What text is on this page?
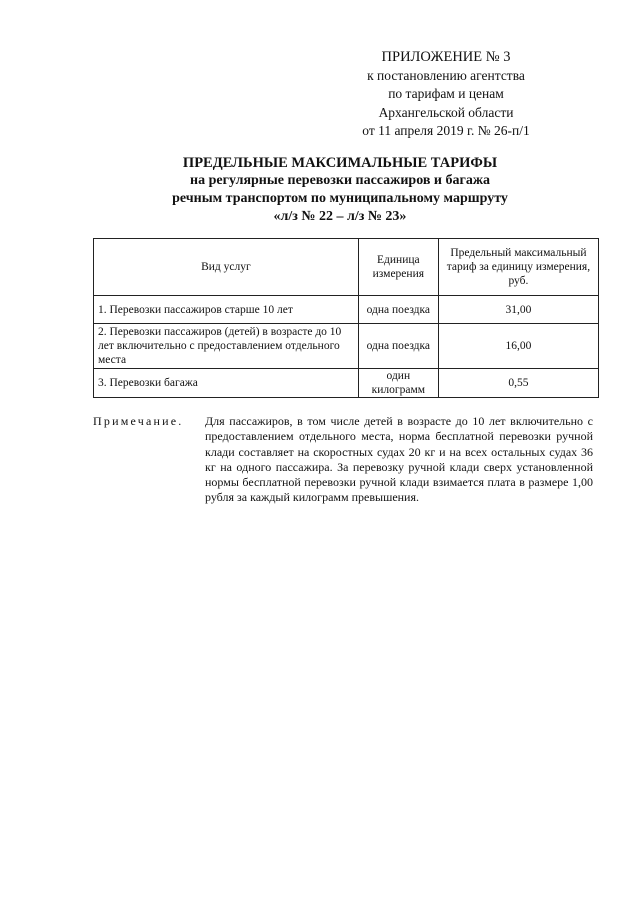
ПРИЛОЖЕНИЕ № 3
к постановлению агентства
по тарифам и ценам
Архангельской области
от 11 апреля 2019 г. № 26-п/1
ПРЕДЕЛЬНЫЕ МАКСИМАЛЬНЫЕ ТАРИФЫ
на регулярные перевозки пассажиров и багажа
речным транспортом по муниципальному маршруту
«л/з № 22 – л/з № 23»
Вид услуг	Единица измерения	Предельный максимальный тариф за единицу измерения, руб.
1. Перевозки пассажиров старше 10 лет	одна поездка	31,00
2. Перевозки пассажиров (детей) в возрасте до 10 лет включительно с предоставлением отдельного места	одна поездка	16,00
3. Перевозки багажа	один килограмм	0,55
Примечание. Для пассажиров, в том числе детей в возрасте до 10 лет включительно с предоставлением отдельного места, норма бесплатной перевозки ручной клади составляет на скоростных судах 20 кг и на всех остальных судах 36 кг на одного пассажира. За перевозку ручной клади сверх установленной нормы бесплатной перевозки ручной клади взимается плата в размере 1,00 рубля за каждый килограмм превышения.
